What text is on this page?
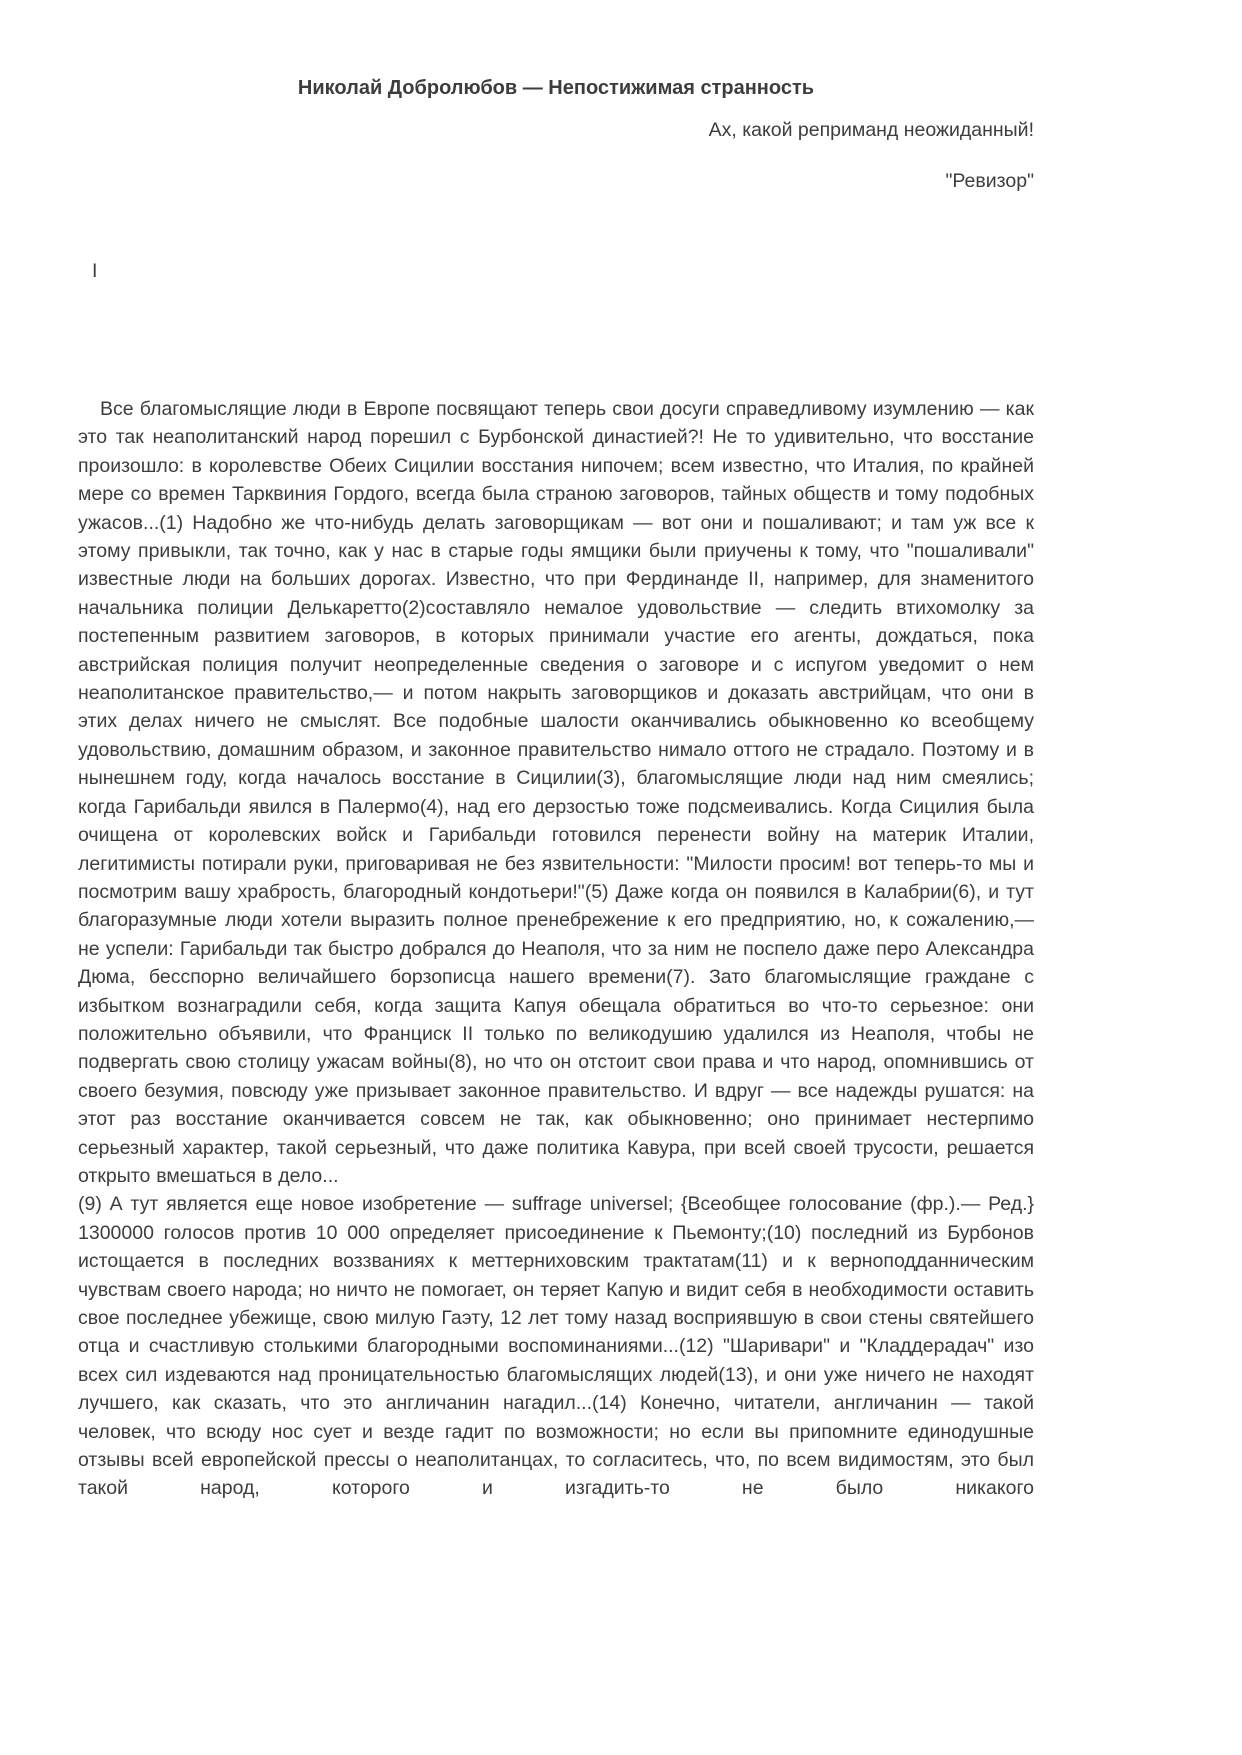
Николай Добролюбов — Непостижимая странность

Ах, какой реприманд неожиданный!

"Ревизор"

I

Все благомыслящие люди в Европе посвящают теперь свои досуги справедливому изумлению — как это так неаполитанский народ порешил с Бурбонской династией?! Не то удивительно, что восстание произошло: в королевстве Обеих Сицилии восстания нипочем; всем известно, что Италия, по крайней мере со времен Тарквиния Гордого, всегда была страною заговоров, тайных обществ и тому подобных ужасов...(1) Надобно же что-нибудь делать заговорщикам — вот они и пошаливают; и там уж все к этому привыкли, так точно, как у нас в старые годы ямщики были приучены к тому, что "пошаливали" известные люди на больших дорогах. Известно, что при Фердинанде II, например, для знаменитого начальника полиции Делькаретто(2)составляло немалое удовольствие — следить втихомолку за постепенным развитием заговоров, в которых принимали участие его агенты, дождаться, пока австрийская полиция получит неопределенные сведения о заговоре и с испугом уведомит о нем неаполитанское правительство,— и потом накрыть заговорщиков и доказать австрийцам, что они в этих делах ничего не смыслят. Все подобные шалости оканчивались обыкновенно ко всеобщему удовольствию, домашним образом, и законное правительство нимало оттого не страдало. Поэтому и в нынешнем году, когда началось восстание в Сицилии(3), благомыслящие люди над ним смеялись; когда Гарибальди явился в Палермо(4), над его дерзостью тоже подсмеивались. Когда Сицилия была очищена от королевских войск и Гарибальди готовился перенести войну на материк Италии, легитимисты потирали руки, приговаривая не без язвительности: "Милости просим! вот теперь-то мы и посмотрим вашу храбрость, благородный кондотьери!"(5) Даже когда он появился в Калабрии(6), и тут благоразумные люди хотели выразить полное пренебрежение к его предприятию, но, к сожалению,— не успели: Гарибальди так быстро добрался до Неаполя, что за ним не поспело даже перо Александра Дюма, бесспорно величайшего борзописца нашего времени(7). Зато благомыслящие граждане с избытком вознаградили себя, когда защита Капуя обещала обратиться во что-то серьезное: они положительно объявили, что Франциск II только по великодушию удалился из Неаполя, чтобы не подвергать свою столицу ужасам войны(8), но что он отстоит свои права и что народ, опомнившись от своего безумия, повсюду уже призывает законное правительство. И вдруг — все надежды рушатся: на этот раз восстание оканчивается совсем не так, как обыкновенно; оно принимает нестерпимо серьезный характер, такой серьезный, что даже политика Кавура, при всей своей трусости, решается открыто вмешаться в дело...

(9) А тут является еще новое изобретение — suffrage universel; {Всеобщее голосование (фр.).— Ред.} 1300000 голосов против 10 000 определяет присоединение к Пьемонту;(10) последний из Бурбонов истощается в последних воззваниях к меттерниховским трактатам(11) и к верноподданническим чувствам своего народа; но ничто не помогает, он теряет Капую и видит себя в необходимости оставить свое последнее убежище, свою милую Гаэту, 12 лет тому назад восприявшую в свои стены святейшего отца и счастливую столькими благородными воспоминаниями...(12) "Шаривари" и "Кладдерадач" изо всех сил издеваются над проницательностью благомыслящих людей(13), и они уже ничего не находят лучшего, как сказать, что это англичанин нагадил...(14) Конечно, читатели, англичанин — такой человек, что всюду нос сует и везде гадит по возможности; но если вы припомните единодушные отзывы всей европейской прессы о неаполитанцах, то согласитесь, что, по всем видимостям, это был такой народ, которого и изгадить-то не было никакого
